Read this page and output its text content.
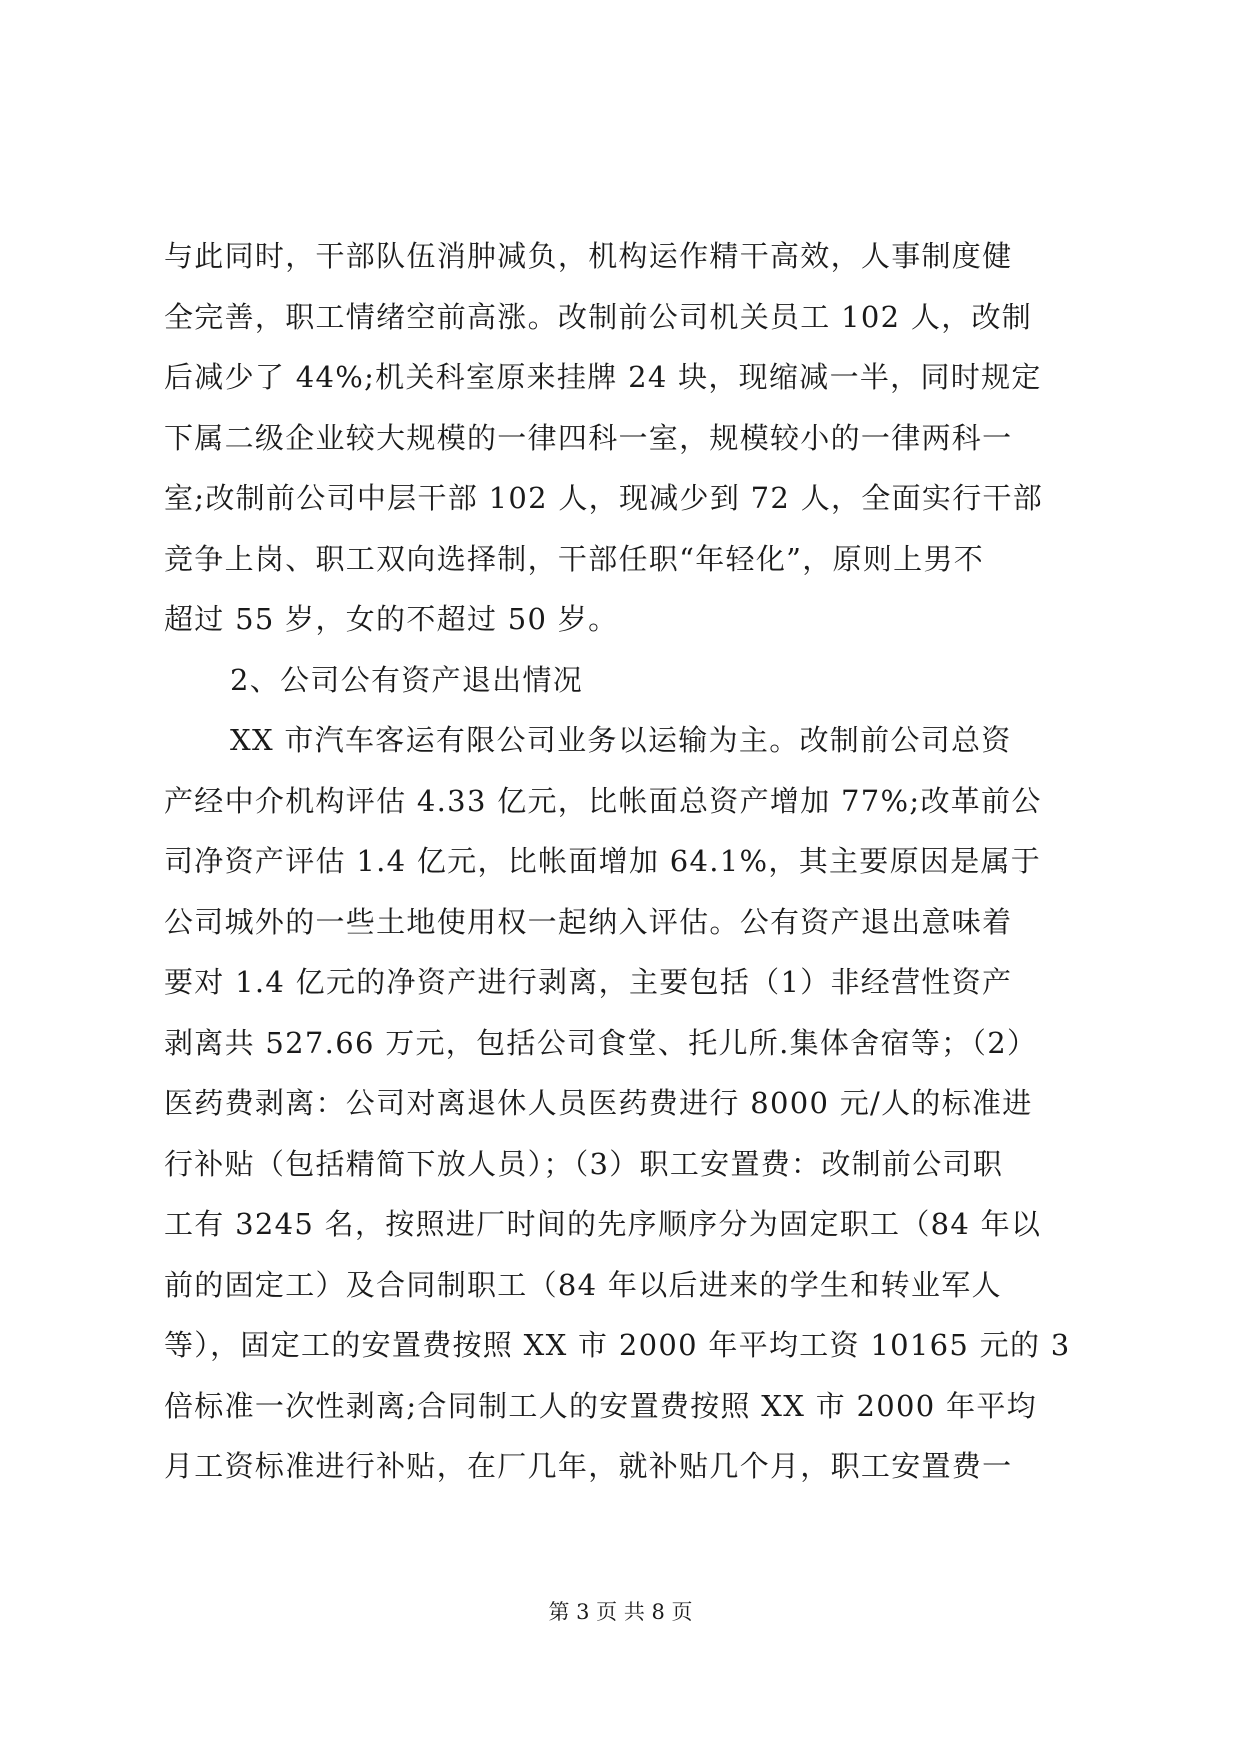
与此同时，干部队伍消肿减负，机构运作精干高效，人事制度健
全完善，职工情绪空前高涨。改制前公司机关员工 102 人，改制
后减少了 44%;机关科室原来挂牌 24 块，现缩减一半，同时规定
下属二级企业较大规模的一律四科一室，规模较小的一律两科一
室;改制前公司中层干部 102 人，现减少到 72 人，全面实行干部
竞争上岗、职工双向选择制，干部任职“年轻化”，原则上男不
超过 55 岁，女的不超过 50 岁。
2、公司公有资产退出情况
XX 市汽车客运有限公司业务以运输为主。改制前公司总资
产经中介机构评估 4.33 亿元，比帐面总资产增加 77%;改革前公
司净资产评估 1.4 亿元，比帐面增加 64.1%，其主要原因是属于
公司城外的一些土地使用权一起纳入评估。公有资产退出意味着
要对 1.4 亿元的净资产进行剥离，主要包括（1）非经营性资产
剥离共 527.66 万元，包括公司食堂、托儿所.集体舍宿等；（2）
医药费剥离：公司对离退休人员医药费进行 8000 元/人的标准进
行补贴（包括精简下放人员）；（3）职工安置费：改制前公司职
工有 3245 名，按照进厂时间的先序顺序分为固定职工（84 年以
前的固定工）及合同制职工（84 年以后进来的学生和转业军人
等），固定工的安置费按照 XX 市 2000 年平均工资 10165 元的 3
倍标准一次性剥离;合同制工人的安置费按照 XX 市 2000 年平均
月工资标准进行补贴，在厂几年，就补贴几个月，职工安置费一
第 3 页 共 8 页
